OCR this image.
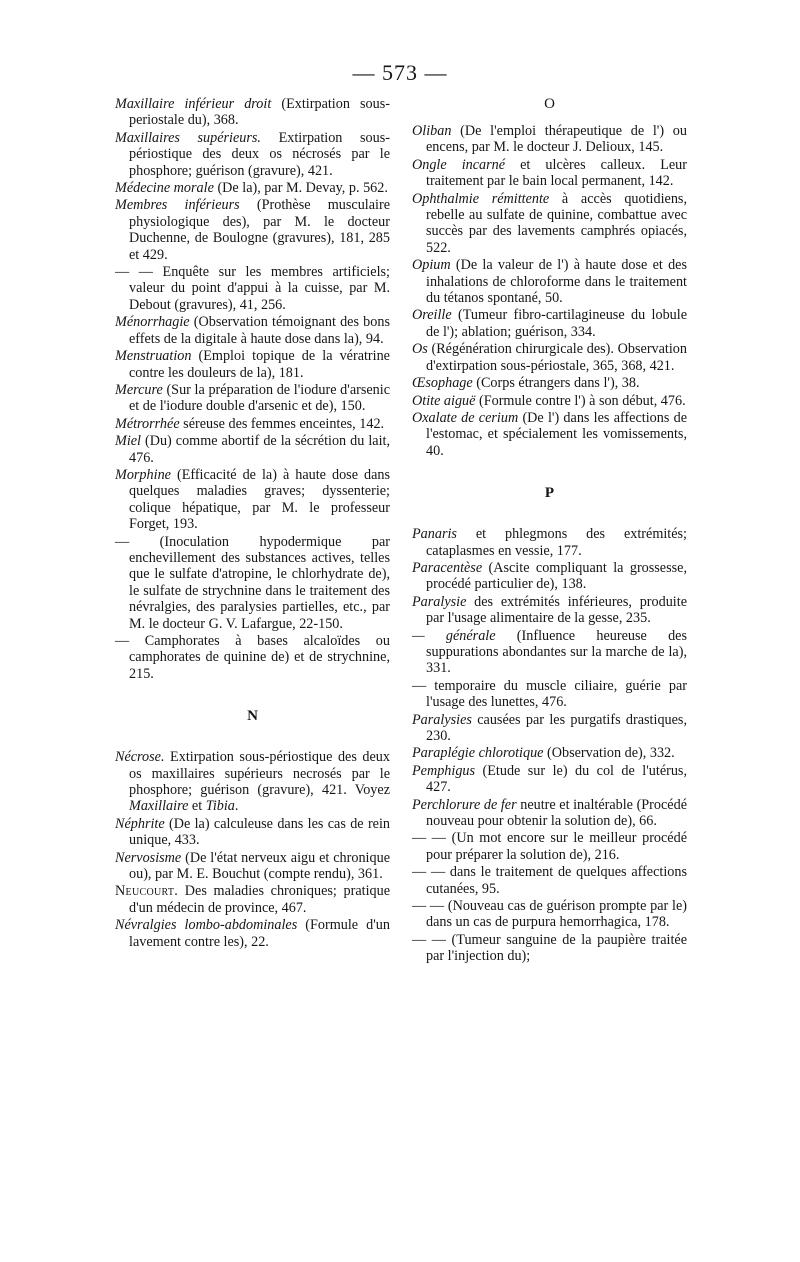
— 573 —
Maxillaire inférieur droit (Extirpation sous-periostale du), 368.
Maxillaires supérieurs. Extirpation sous-périostique des deux os nécrosés par le phosphore; guérison (gravure), 421.
Médecine morale (De la), par M. Devay, p. 562.
Membres inférieurs (Prothèse musculaire physiologique des), par M. le docteur Duchenne, de Boulogne (gravures), 181, 285 et 429.
— — Enquête sur les membres artificiels; valeur du point d'appui à la cuisse, par M. Debout (gravures), 41, 256.
Ménorrhagie (Observation témoignant des bons effets de la digitale à haute dose dans la), 94.
Menstruation (Emploi topique de la vératrine contre les douleurs de la), 181.
Mercure (Sur la préparation de l'iodure d'arsenic et de l'iodure double d'arsenic et de), 150.
Métrorrhée séreuse des femmes enceintes, 142.
Miel (Du) comme abortif de la sécrétion du lait, 476.
Morphine (Efficacité de la) à haute dose dans quelques maladies graves; dyssenterie; colique hépatique, par M. le professeur Forget, 193.
— (Inoculation hypodermique par enchevillement des substances actives, telles que le sulfate d'atropine, le chlorhydrate de), le sulfate de strychnine dans le traitement des névralgies, des paralysies partielles, etc., par M. le docteur G. V. Lafargue, 22-150.
— Camphorates à bases alcaloïdes ou camphorates de quinine de) et de strychnine, 215.
N
Nécrose. Extirpation sous-périostique des deux os maxillaires supérieurs necrosés par le phosphore; guérison (gravure), 421. Voyez Maxillaire et Tibia.
Néphrite (De la) calculeuse dans les cas de rein unique, 433.
Nervosisme (De l'état nerveux aigu et chronique ou), par M. E. Bouchut (compte rendu), 361.
Neucourt. Des maladies chroniques; pratique d'un médecin de province, 467.
Névralgies lombo-abdominales (Formule d'un lavement contre les), 22.
O
Oliban (De l'emploi thérapeutique de l') ou encens, par M. le docteur J. Delioux, 145.
Ongle incarné et ulcères calleux. Leur traitement par le bain local permanent, 142.
Ophthalmie rémittente à accès quotidiens, rebelle au sulfate de quinine, combattue avec succès par des lavements camphrés opiacés, 522.
Opium (De la valeur de l') à haute dose et des inhalations de chloroforme dans le traitement du tétanos spontané, 50.
Oreille (Tumeur fibro-cartilagineuse du lobule de l'); ablation; guérison, 334.
Os (Régénération chirurgicale des). Observation d'extirpation sous-périostale, 365, 368, 421.
Œsophage (Corps étrangers dans l'), 38.
Otite aiguë (Formule contre l') à son début, 476.
Oxalate de cerium (De l') dans les affections de l'estomac, et spécialement les vomissements, 40.
P
Panaris et phlegmons des extrémités; cataplasmes en vessie, 177.
Paracentèse (Ascite compliquant la grossesse, procédé particulier de), 138.
Paralysie des extrémités inférieures, produite par l'usage alimentaire de la gesse, 235.
— générale (Influence heureuse des suppurations abondantes sur la marche de la), 331.
— temporaire du muscle ciliaire, guérie par l'usage des lunettes, 476.
Paralysies causées par les purgatifs drastiques, 230.
Paraplégie chlorotique (Observation de), 332.
Pemphigus (Etude sur le) du col de l'utérus, 427.
Perchlorure de fer neutre et inaltérable (Procédé nouveau pour obtenir la solution de), 66.
— — (Un mot encore sur le meilleur procédé pour préparer la solution de), 216.
— — dans le traitement de quelques affections cutanées, 95.
— — (Nouveau cas de guérison prompte par le) dans un cas de purpura hemorrhagica, 178.
— — (Tumeur sanguine de la paupière traitée par l'injection du);
